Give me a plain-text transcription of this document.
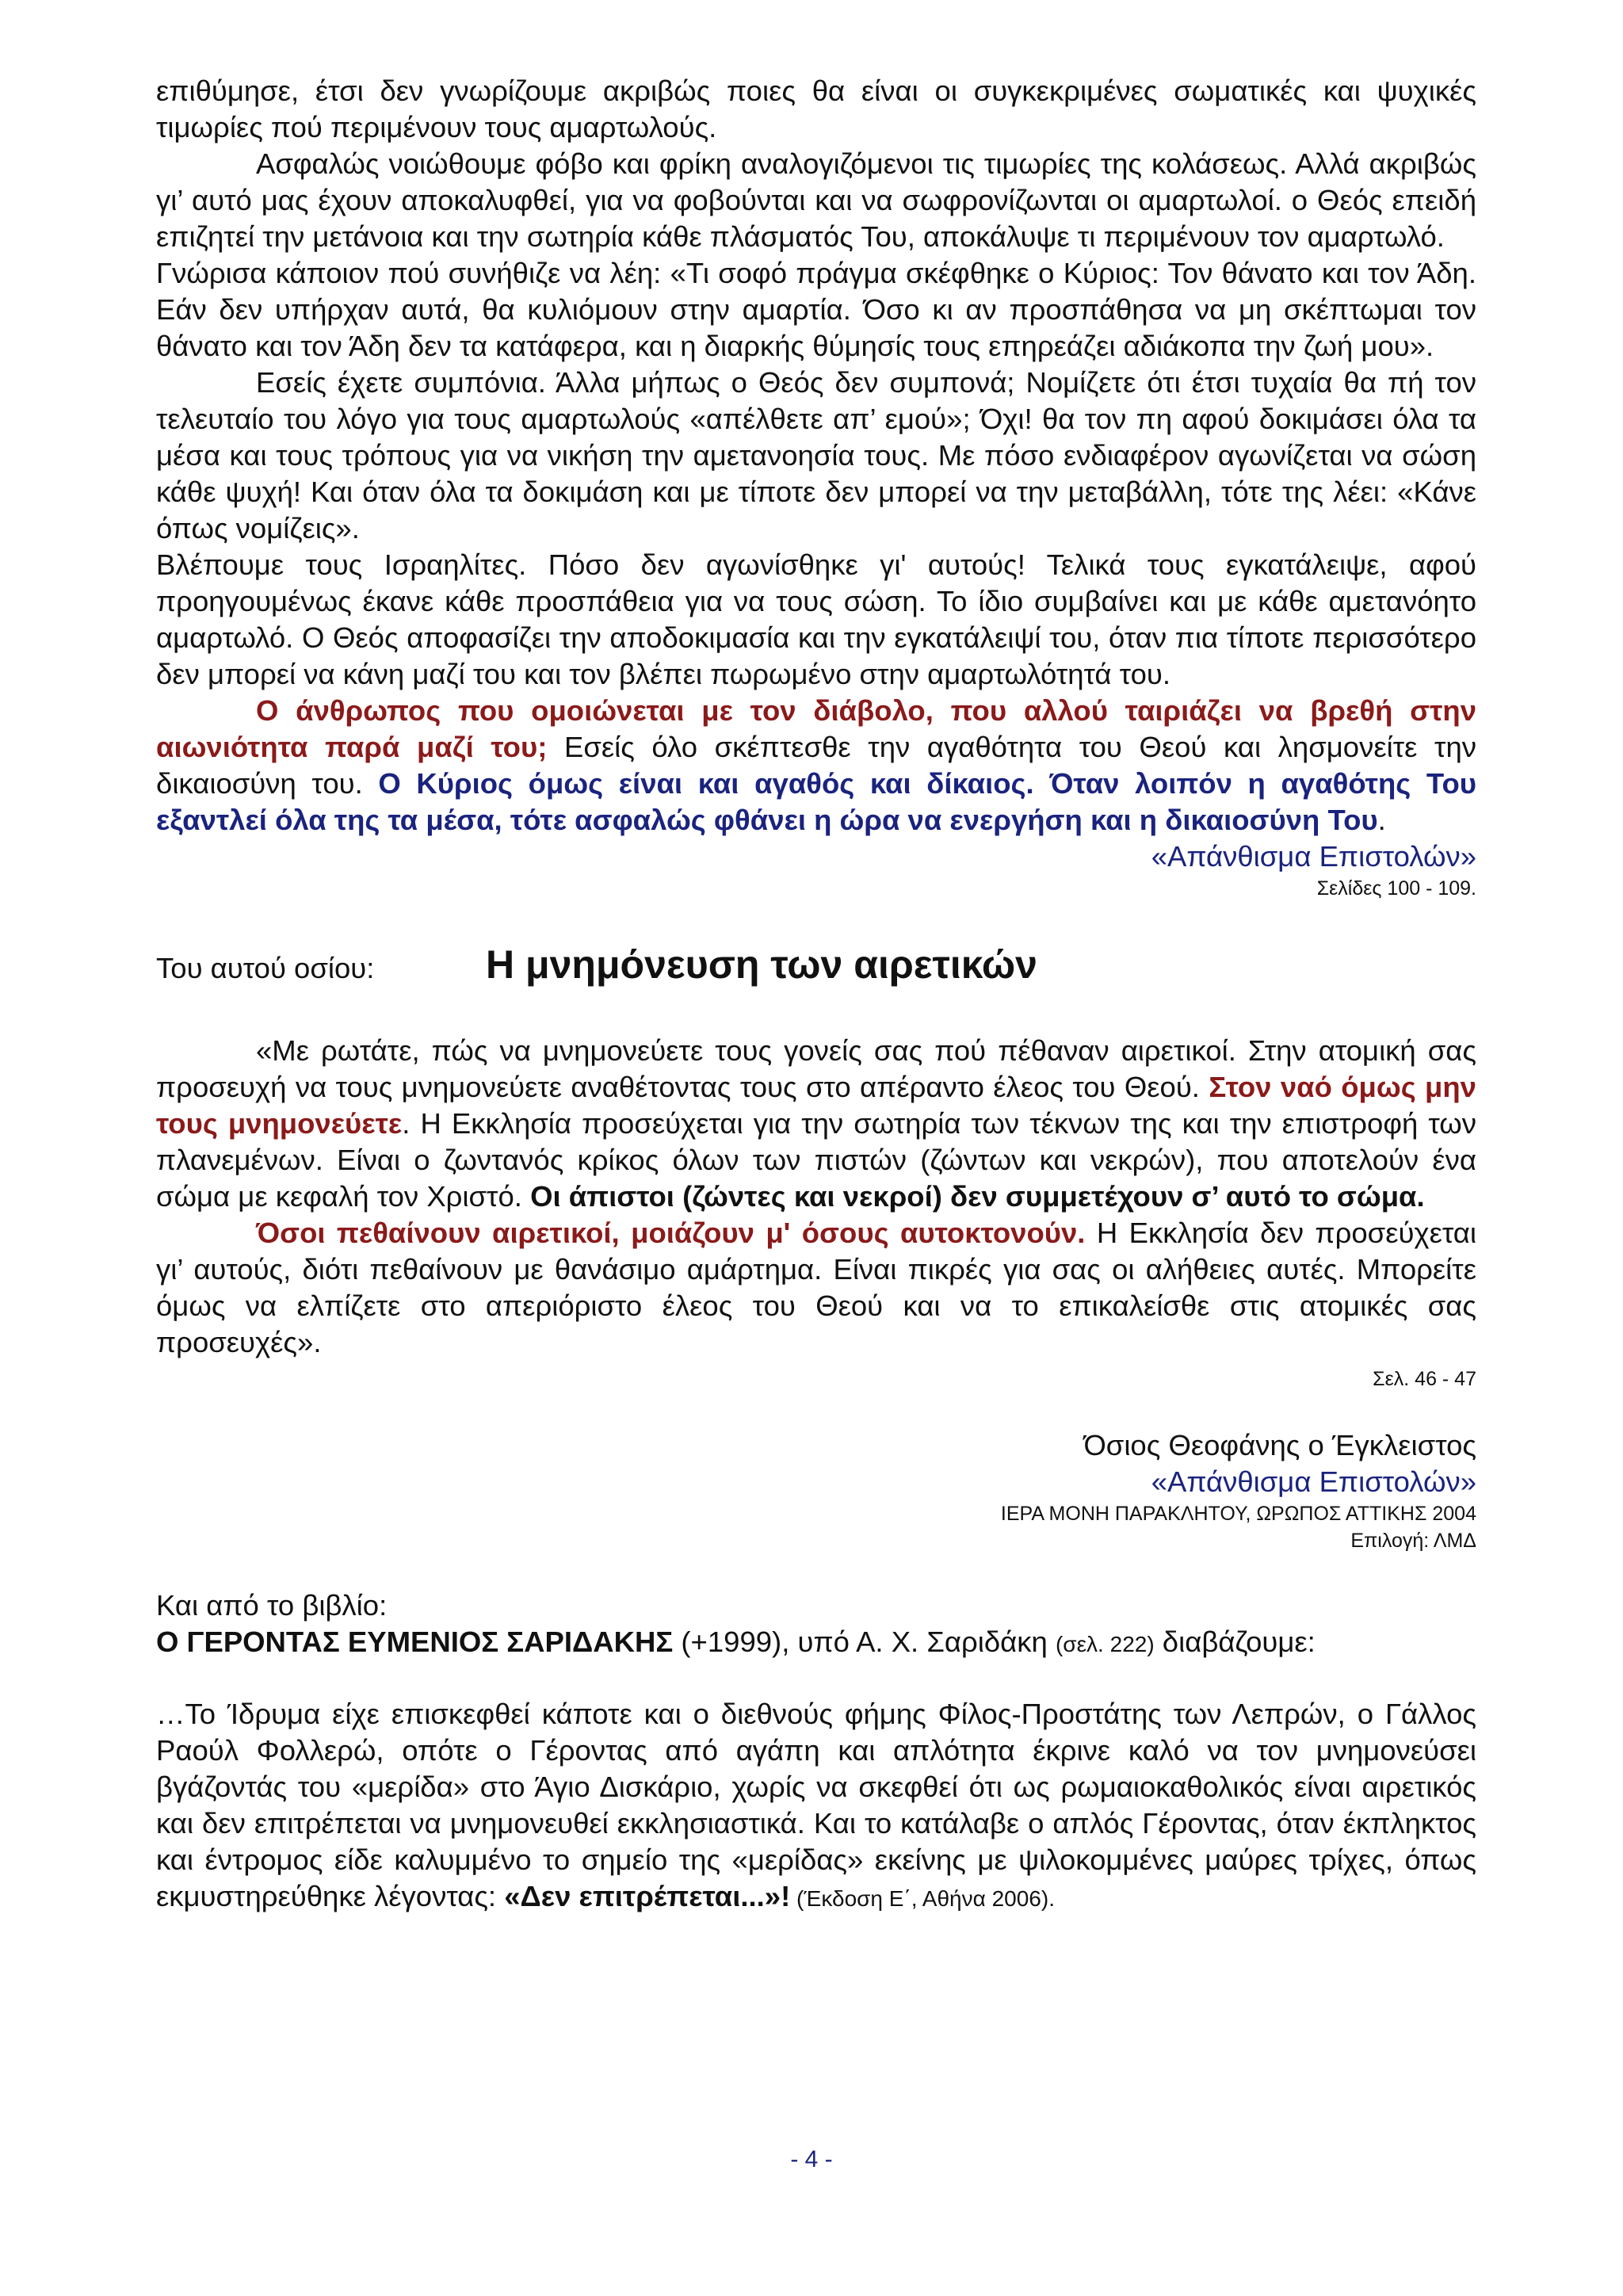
επιθύμησε, έτσι δεν γνωρίζουμε ακριβώς ποιες θα είναι οι συγκεκριμένες σωματικές και ψυχικές τιμωρίες πού περιμένουν τους αμαρτωλούς.

Ασφαλώς νοιώθουμε φόβο και φρίκη αναλογιζόμενοι τις τιμωρίες της κολάσεως. Αλλά ακριβώς γι’ αυτό μας έχουν αποκαλυφθεί, για να φοβούνται και να σωφρονίζωνται οι αμαρτωλοί. ο Θεός επειδή επιζητεί την μετάνοια και την σωτηρία κάθε πλάσματός Του, αποκάλυψε τι περιμένουν τον αμαρτωλό.

Γνώρισα κάποιον πού συνήθιζε να λέη: «Τι σοφό πράγμα σκέφθηκε ο Κύριος: Τον θάνατο και τον Άδη. Εάν δεν υπήρχαν αυτά, θα κυλιόμουν στην αμαρτία. Όσο κι αν προσπάθησα να μη σκέπτωμαι τον θάνατο και τον Άδη δεν τα κατάφερα, και η διαρκής θύμησίς τους επηρεάζει αδιάκοπα την ζωή μου».

Εσείς έχετε συμπόνια. Άλλα μήπως ο Θεός δεν συμπονά; Νομίζετε ότι έτσι τυχαία θα πή τον τελευταίο του λόγο για τους αμαρτωλούς «απέλθετε απ’ εμού»; Όχι! θα τον πη αφού δοκιμάσει όλα τα μέσα και τους τρόπους για να νικήση την αμετανοησία τους. Με πόσο ενδιαφέρον αγωνίζεται να σώση κάθε ψυχή! Και όταν όλα τα δοκιμάση και με τίποτε δεν μπορεί να την μεταβάλλη, τότε της λέει: «Κάνε όπως νομίζεις».

Βλέπουμε τους Ισραηλίτες. Πόσο δεν αγωνίσθηκε γι' αυτούς! Τελικά τους εγκατάλειψε, αφού προηγουμένως έκανε κάθε προσπάθεια για να τους σώση. Το ίδιο συμβαίνει και με κάθε αμετανόητο αμαρτωλό. Ο Θεός αποφασίζει την αποδοκιμασία και την εγκατάλειψί του, όταν πια τίποτε περισσότερο δεν μπορεί να κάνη μαζί του και τον βλέπει πωρωμένο στην αμαρτωλότητά του.

Ο άνθρωπος που ομοιώνεται με τον διάβολο, που αλλού ταιριάζει να βρεθή στην αιωνιότητα παρά μαζί του; Εσείς όλο σκέπτεσθε την αγαθότητα του Θεού και λησμονείτε την δικαιοσύνη του. Ο Κύριος όμως είναι και αγαθός και δίκαιος. Όταν λοιπόν η αγαθότης Του εξαντλεί όλα της τα μέσα, τότε ασφαλώς φθάνει η ώρα να ενεργήση και η δικαιοσύνη Του.

«Απάνθισμα Επιστολών»

Σελίδες 100 - 109.

Του αυτού οσίου:	Η μνημόνευση των αιρετικών

«Με ρωτάτε, πώς να μνημονεύετε τους γονείς σας πού πέθαναν αιρετικοί. Στην ατομική σας προσευχή να τους μνημονεύετε αναθέτοντας τους στο απέραντο έλεος του Θεού. Στον ναό όμως μην τους μνημονεύετε. Η Εκκλησία προσεύχεται για την σωτηρία των τέκνων της και την επιστροφή των πλανεμένων. Είναι ο ζωντανός κρίκος όλων των πιστών (ζώντων και νεκρών), που αποτελούν ένα σώμα με κεφαλή τον Χριστό. Οι άπιστοι (ζώντες και νεκροί) δεν συμμετέχουν σ’ αυτό το σώμα.

Όσοι πεθαίνουν αιρετικοί, μοιάζουν μ' όσους αυτοκτονούν. Η Εκκλησία δεν προσεύχεται γι’ αυτούς, διότι πεθαίνουν με θανάσιμο αμάρτημα. Είναι πικρές για σας οι αλήθειες αυτές. Μπορείτε όμως να ελπίζετε στο απεριόριστο έλεος του Θεού και να το επικαλείσθε στις ατομικές σας προσευχές».

Σελ. 46 - 47

Όσιος Θεοφάνης ο Έγκλειστος

«Απάνθισμα Επιστολών»

ΙΕΡΑ ΜΟΝΗ ΠΑΡΑΚΛΗΤΟΥ, ΩΡΩΠΟΣ ΑΤΤΙΚΗΣ 2004

Επιλογή: ΛΜΔ

Και από το βιβλίο:

Ο ΓΕΡΟΝΤΑΣ ΕΥΜΕΝΙΟΣ ΣΑΡΙΔΑΚΗΣ (+1999), υπό Α. Χ. Σαριδάκη (σελ. 222) διαβάζουμε:

…Το Ίδρυμα είχε επισκεφθεί κάποτε και ο διεθνούς φήμης Φίλος-Προστάτης των Λεπρών, ο Γάλλος Ραούλ Φολλερώ, οπότε ο Γέροντας από αγάπη και απλότητα έκρινε καλό να τον μνημονεύσει βγάζοντάς του «μερίδα» στο Άγιο Δισκάριο, χωρίς να σκεφθεί ότι ως ρωμαιοκαθολικός είναι αιρετικός και δεν επιτρέπεται να μνημονευθεί εκκλησιαστικά. Και το κατάλαβε ο απλός Γέροντας, όταν έκπληκτος και έντρομος είδε καλυμμένο το σημείο της «μερίδας» εκείνης με ψιλοκομμένες μαύρες τρίχες, όπως εκμυστηρεύθηκε λέγοντας: «Δεν επιτρέπεται...»! (Έκδοση Ε΄, Αθήνα 2006).

- 4 -
